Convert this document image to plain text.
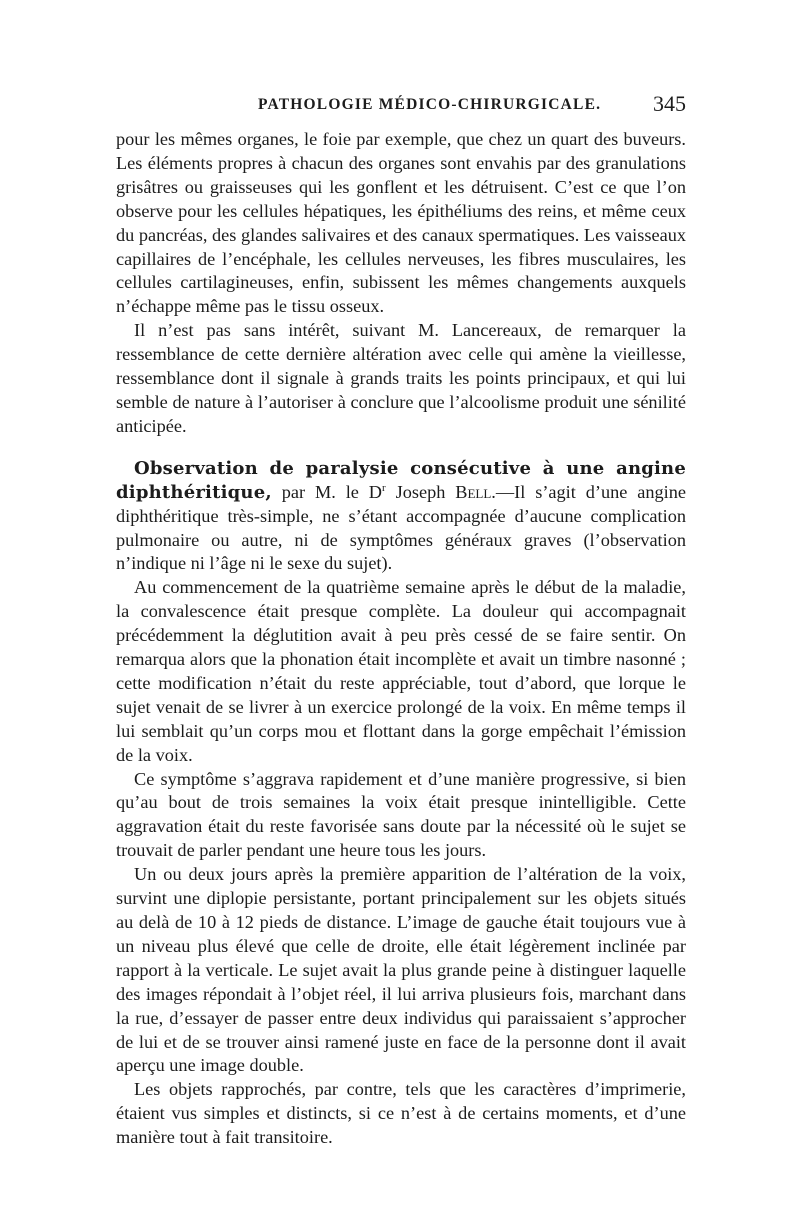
PATHOLOGIE MÉDICO-CHIRURGICALE. 345

pour les mêmes organes, le foie par exemple, que chez un quart des buveurs. Les éléments propres à chacun des organes sont envahis par des granulations grisâtres ou graisseuses qui les gonflent et les détruisent. C’est ce que l’on observe pour les cellules hépatiques, les épithéliums des reins, et même ceux du pancréas, des glandes salivaires et des canaux spermatiques. Les vaisseaux capillaires de l’encéphale, les cellules nerveuses, les fibres musculaires, les cellules cartilagineuses, enfin, subissent les mêmes changements auxquels n’échappe même pas le tissu osseux.

Il n’est pas sans intérêt, suivant M. Lancereaux, de remarquer la ressemblance de cette dernière altération avec celle qui amène la vieillesse, ressemblance dont il signale à grands traits les points principaux, et qui lui semble de nature à l’autoriser à conclure que l’alcoolisme produit une sénilité anticipée.

Observation de paralysie consécutive à une angine diphthéritique, par M. le $D^r$ Joseph Bell.—Il s’agit d’une angine diphthéritique très-simple, ne s’étant accompagnée d’aucune complication pulmonaire ou autre, ni de symptômes généraux graves (l’observation n’indique ni l’âge ni le sexe du sujet).

Au commencement de la quatrième semaine après le début de la maladie, la convalescence était presque complète. La douleur qui accompagnait précédemment la déglutition avait à peu près cessé de se faire sentir. On remarqua alors que la phonation était incomplète et avait un timbre nasonné ; cette modification n’était du reste appréciable, tout d’abord, que lorque le sujet venait de se livrer à un exercice prolongé de la voix. En même temps il lui semblait qu’un corps mou et flottant dans la gorge empêchait l’émission de la voix.

Ce symptôme s’aggrava rapidement et d’une manière progressive, si bien qu’au bout de trois semaines la voix était presque inintelligible. Cette aggravation était du reste favorisée sans doute par la nécessité où le sujet se trouvait de parler pendant une heure tous les jours.

Un ou deux jours après la première apparition de l’altération de la voix, survint une diplopie persistante, portant principalement sur les objets situés au delà de 10 à 12 pieds de distance. L’image de gauche était toujours vue à un niveau plus élevé que celle de droite, elle était légèrement inclinée par rapport à la verticale. Le sujet avait la plus grande peine à distinguer laquelle des images répondait à l’objet réel, il lui arriva plusieurs fois, marchant dans la rue, d’essayer de passer entre deux individus qui paraissaient s’approcher de lui et de se trouver ainsi ramené juste en face de la personne dont il avait aperçu une image double.

Les objets rapprochés, par contre, tels que les caractères d’imprimerie, étaient vus simples et distincts, si ce n’est à de certains moments, et d’une manière tout à fait transitoire.
